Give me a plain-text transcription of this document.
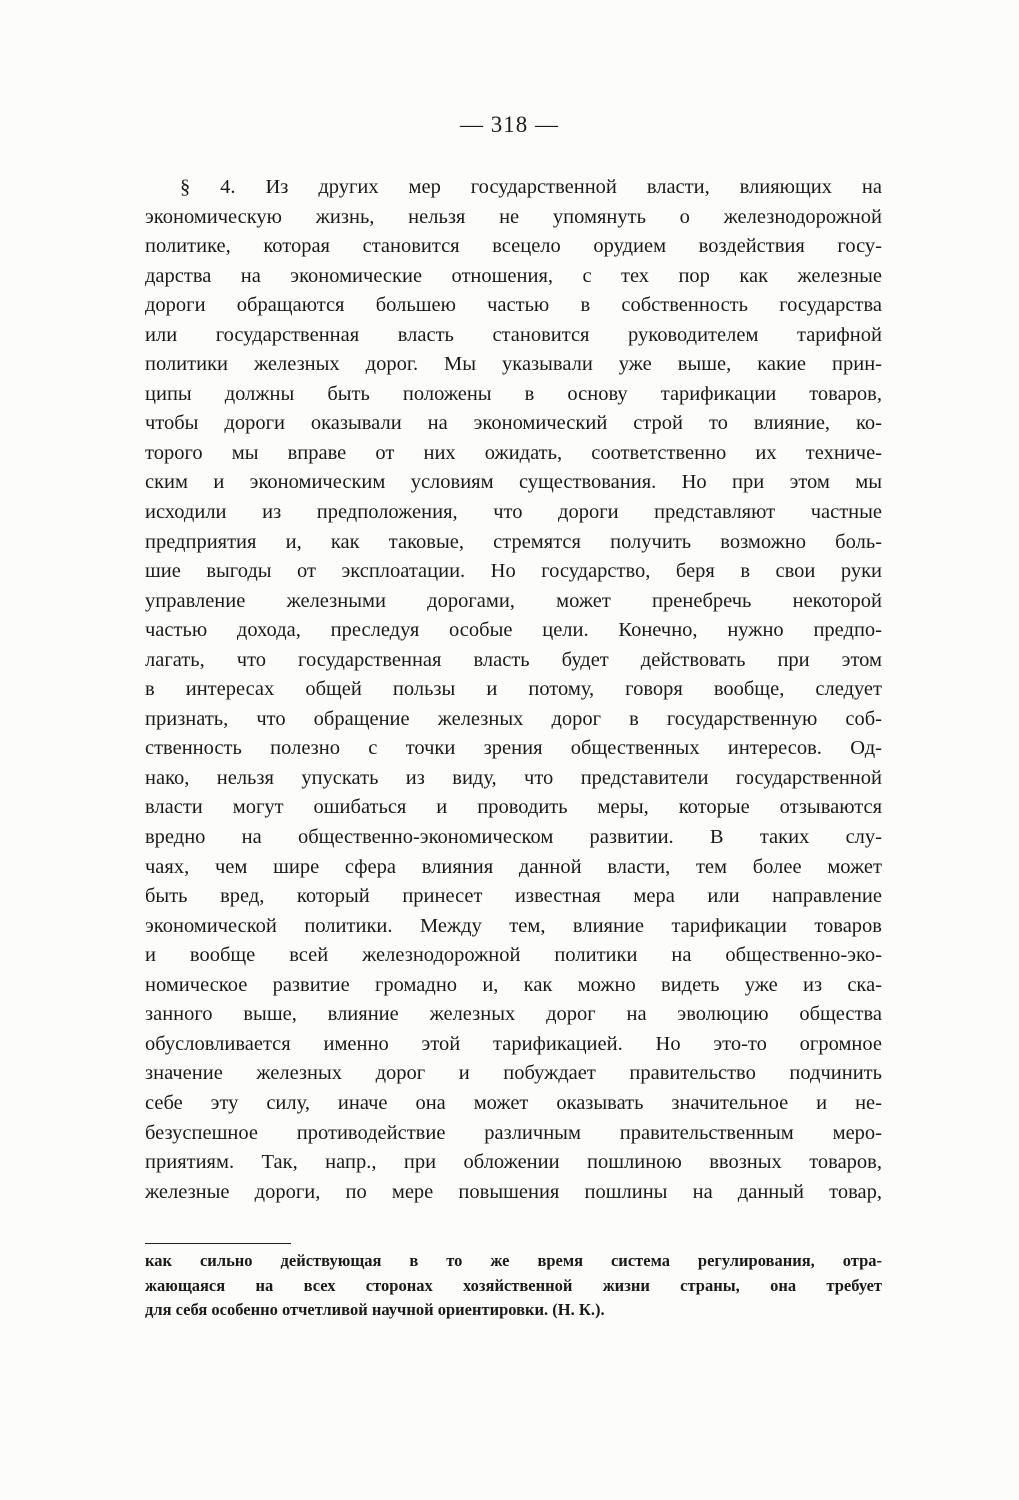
— 318 —
§ 4. Из других мер государственной власти, влияющих на
экономическую жизнь, нельзя не упомянуть о железнодорожной
политике, которая становится всецело орудием воздействия госу-
дарства на экономические отношения, с тех пор как железные
дороги обращаются большею частью в собственность государства
или государственная власть становится руководителем тарифной
политики железных дорог. Мы указывали уже выше, какие прин-
ципы должны быть положены в основу тарификации товаров,
чтобы дороги оказывали на экономический строй то влияние, ко-
торого мы вправе от них ожидать, соответственно их техниче-
ским и экономическим условиям существования. Но при этом мы
исходили из предположения, что дороги представляют частные
предприятия и, как таковые, стремятся получить возможно боль-
шие выгоды от эксплоатации. Но государство, беря в свои руки
управление железными дорогами, может пренебречь некоторой
частью дохода, преследуя особые цели. Конечно, нужно предпо-
лагать, что государственная власть будет действовать при этом
в интересах общей пользы и потому, говоря вообще, следует
признать, что обращение железных дорог в государственную соб-
ственность полезно с точки зрения общественных интересов. Од-
нако, нельзя упускать из виду, что представители государственной
власти могут ошибаться и проводить меры, которые отзываются
вредно на общественно-экономическом развитии. В таких слу-
чаях, чем шире сфера влияния данной власти, тем более может
быть вред, который принесет известная мера или направление
экономической политики. Между тем, влияние тарификации товаров
и вообще всей железнодорожной политики на общественно-эко-
номическое развитие громадно и, как можно видеть уже из ска-
занного выше, влияние железных дорог на эволюцию общества
обусловливается именно этой тарификацией. Но это-то огромное
значение железных дорог и побуждает правительство подчинить
себе эту силу, иначе она может оказывать значительное и не-
безуспешное противодействие различным правительственным меро-
приятиям. Так, напр., при обложении пошлиною ввозных товаров,
железные дороги, по мере повышения пошлины на данный товар,
как сильно действующая в то же время система регулирования, отра-
жающаяся на всех сторонах хозяйственной жизни страны, она требует
для себя особенно отчетливой научной ориентировки. (Н. К.).
